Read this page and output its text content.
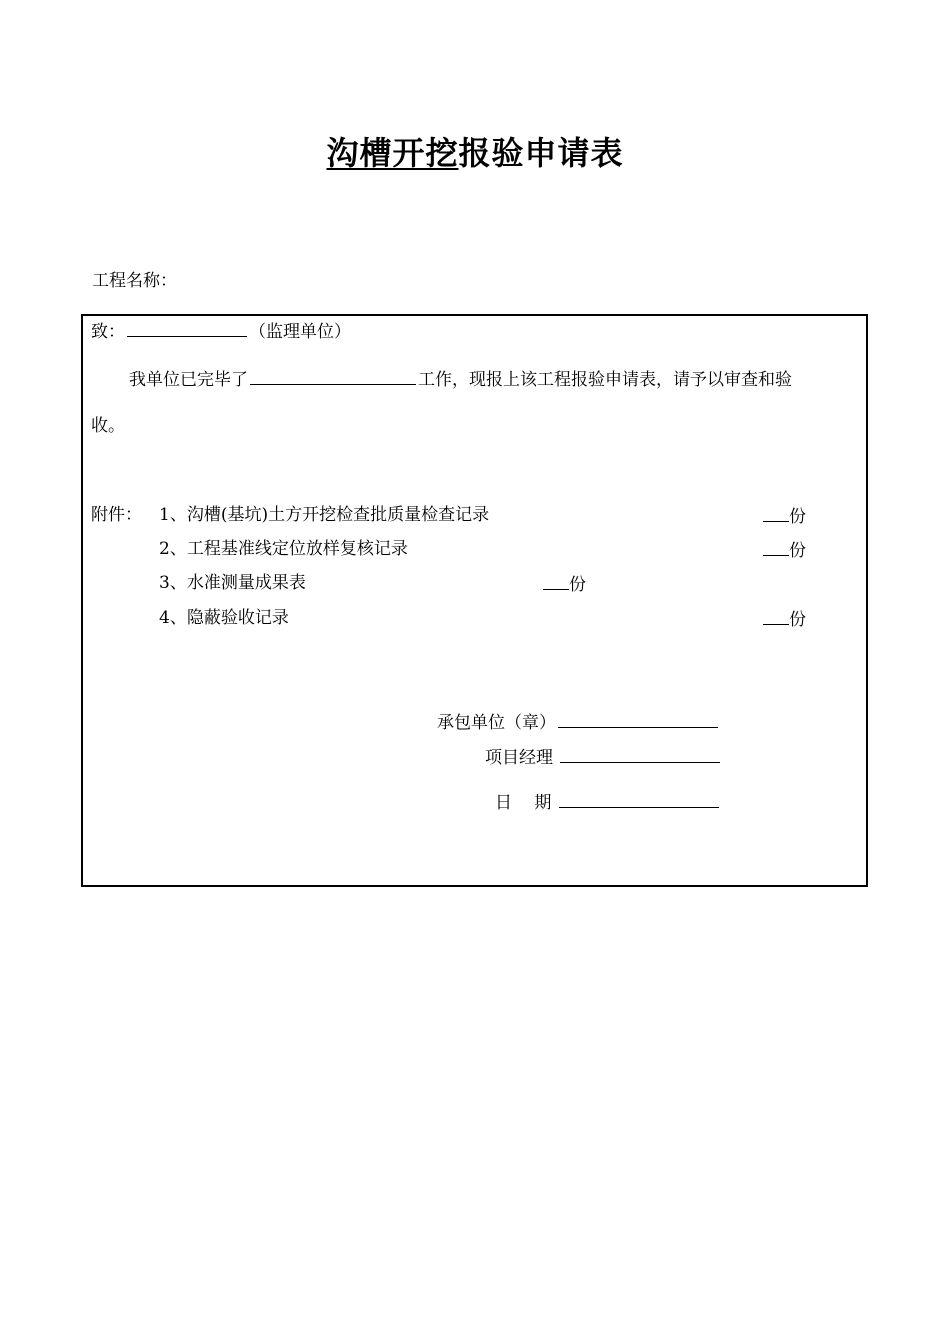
沟槽开挖报验申请表
工程名称：
致：	（监理单位）
我单位已完毕了	工作，现报上该工程报验申请表，请予以审查和验
收。
附件： 1、沟槽(基坑)土方开挖检查批质量检查记录	份
2、工程基准线定位放样复核记录	份
3、水准测量成果表	份
4、隐蔽验收记录	份
承包单位（章）
项目经理
日　 期
